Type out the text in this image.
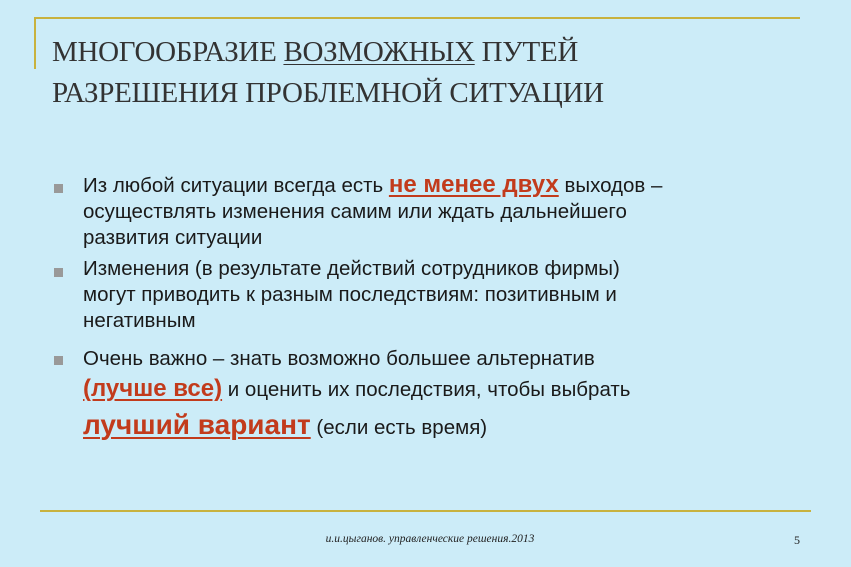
МНОГООБРАЗИЕ ВОЗМОЖНЫХ ПУТЕЙ
РАЗРЕШЕНИЯ ПРОБЛЕМНОЙ СИТУАЦИИ
Из любой ситуации всегда есть не менее двух выходов –
осуществлять изменения самим или ждать дальнейшего
развития ситуации
Изменения (в результате действий сотрудников фирмы)
могут приводить к разным последствиям: позитивным и
негативным
Очень важно – знать возможно большее альтернатив
(лучше все) и оценить их последствия, чтобы выбрать
лучший вариант (если есть время)
и.и.цыганов. управленческие решения.2013	5
